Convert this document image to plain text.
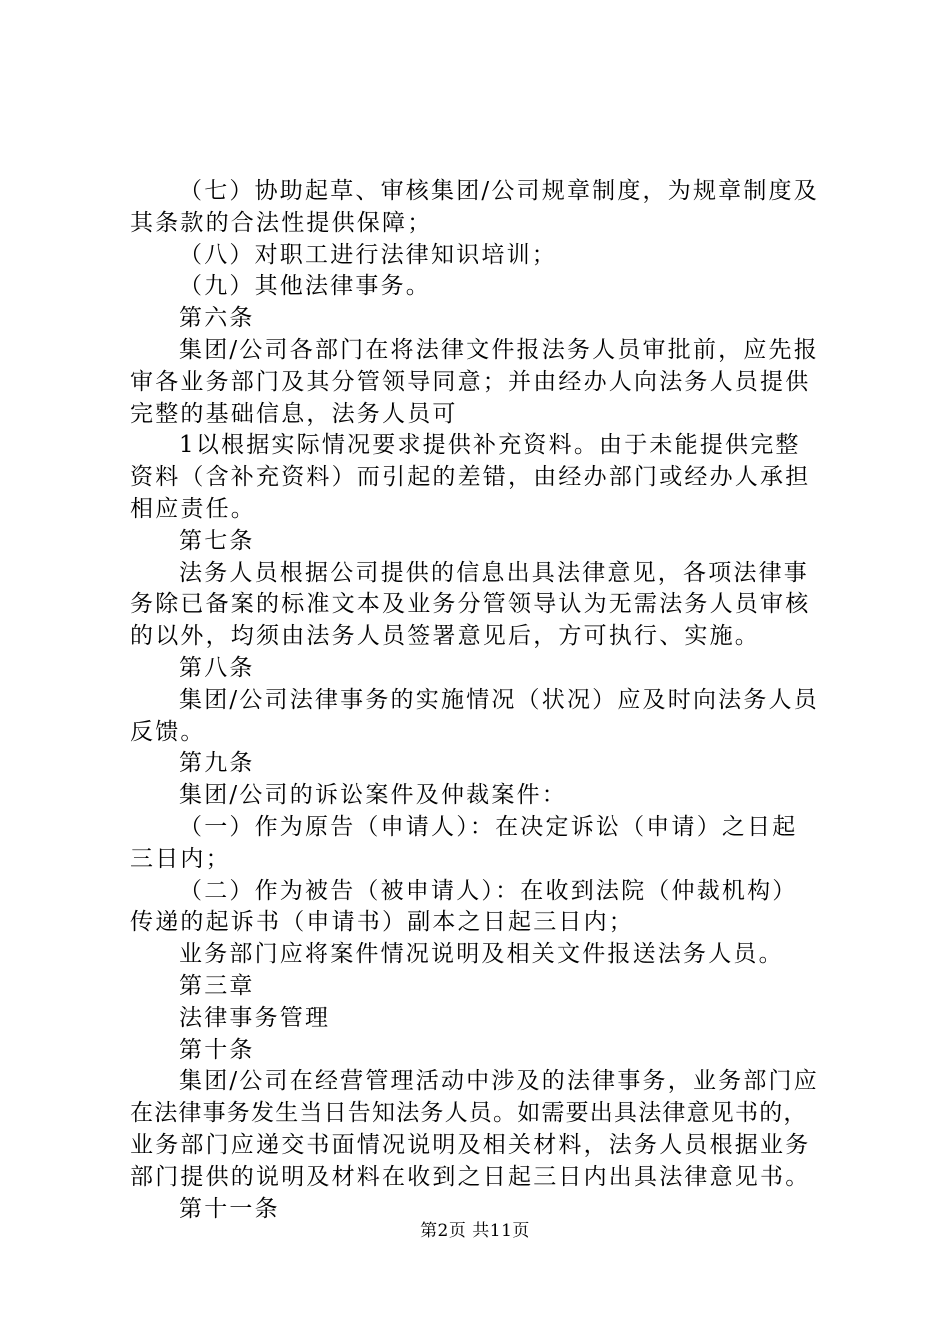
（七）协助起草、审核集团/公司规章制度，为规章制度及
其条款的合法性提供保障；
（八）对职工进行法律知识培训；
（九）其他法律事务。
第六条
集团/公司各部门在将法律文件报法务人员审批前，应先报
审各业务部门及其分管领导同意；并由经办人向法务人员提供
完整的基础信息，法务人员可
1以根据实际情况要求提供补充资料。由于未能提供完整
资料（含补充资料）而引起的差错，由经办部门或经办人承担
相应责任。
第七条
法务人员根据公司提供的信息出具法律意见，各项法律事
务除已备案的标准文本及业务分管领导认为无需法务人员审核
的以外，均须由法务人员签署意见后，方可执行、实施。
第八条
集团/公司法律事务的实施情况（状况）应及时向法务人员
反馈。
第九条
集团/公司的诉讼案件及仲裁案件：
（一）作为原告（申请人）：在决定诉讼（申请）之日起
三日内；
（二）作为被告（被申请人）：在收到法院（仲裁机构）
传递的起诉书（申请书）副本之日起三日内；
业务部门应将案件情况说明及相关文件报送法务人员。
第三章
法律事务管理
第十条
集团/公司在经营管理活动中涉及的法律事务，业务部门应
在法律事务发生当日告知法务人员。如需要出具法律意见书的，
业务部门应递交书面情况说明及相关材料，法务人员根据业务
部门提供的说明及材料在收到之日起三日内出具法律意见书。
第十一条
第2页 共11页
